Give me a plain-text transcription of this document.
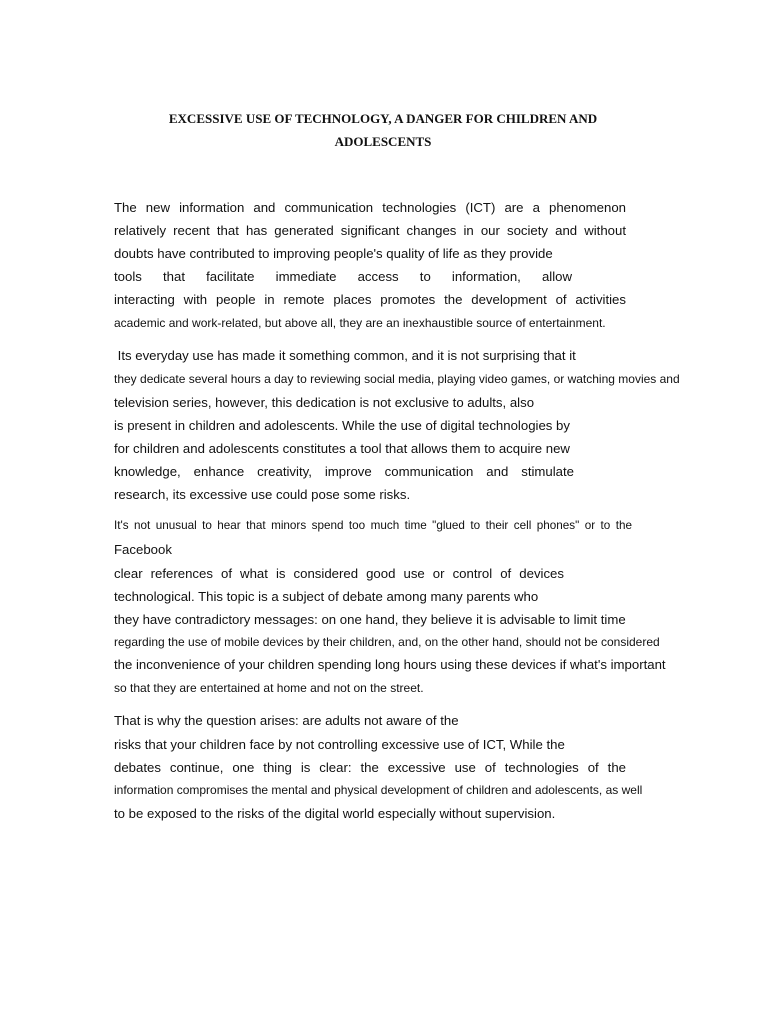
EXCESSIVE USE OF TECHNOLOGY, A DANGER FOR CHILDREN AND
ADOLESCENTS
The new information and communication technologies (ICT) are a phenomenon
relatively recent that has generated significant changes in our society and without
doubts have contributed to improving people's quality of life as they provide
tools that facilitate immediate access to information, allow
interacting with people in remote places promotes the development of activities
academic and work-related, but above all, they are an inexhaustible source of entertainment.
Its everyday use has made it something common, and it is not surprising that it
they dedicate several hours a day to reviewing social media, playing video games, or watching movies and
television series, however, this dedication is not exclusive to adults, also
is present in children and adolescents. While the use of digital technologies by
for children and adolescents constitutes a tool that allows them to acquire new
knowledge, enhance creativity, improve communication and stimulate
research, its excessive use could pose some risks.
It's not unusual to hear that minors spend too much time "glued to their cell phones" or to the
Facebook
clear references of what is considered good use or control of devices
technological. This topic is a subject of debate among many parents who
they have contradictory messages: on one hand, they believe it is advisable to limit time
regarding the use of mobile devices by their children, and, on the other hand, should not be considered
the inconvenience of your children spending long hours using these devices if what's important
so that they are entertained at home and not on the street.
That is why the question arises: are adults not aware of the
risks that your children face by not controlling excessive use of ICT, While the
debates continue, one thing is clear: the excessive use of technologies of the
information compromises the mental and physical development of children and adolescents, as well
to be exposed to the risks of the digital world especially without supervision.
